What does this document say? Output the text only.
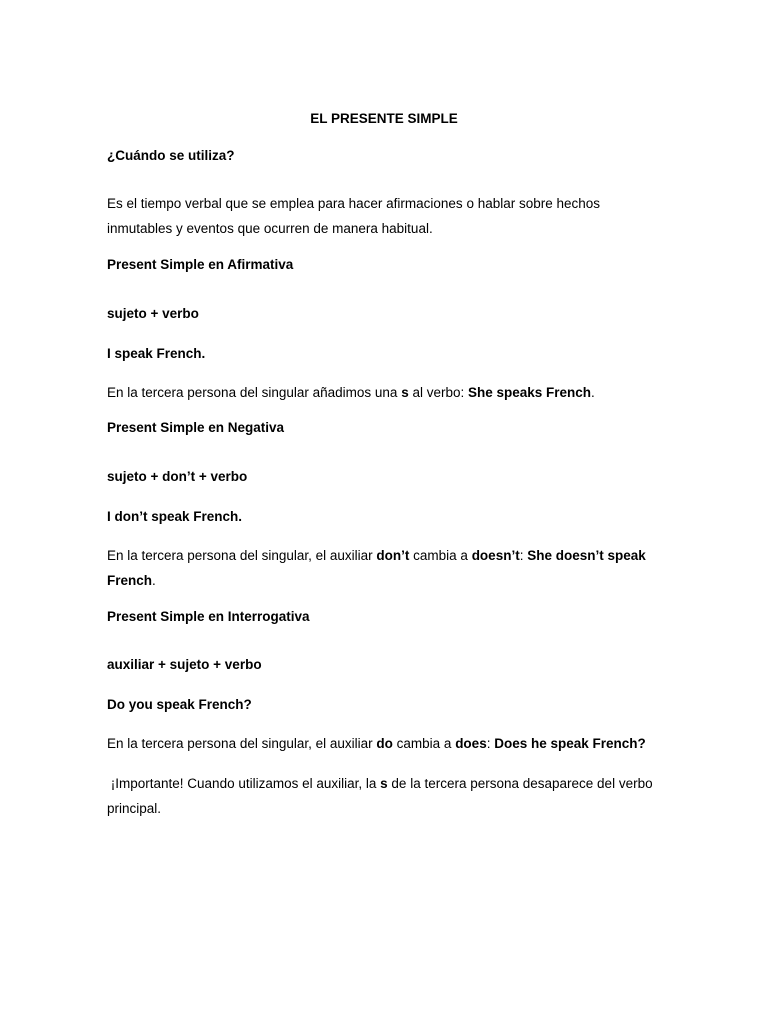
EL PRESENTE SIMPLE

¿Cuándo se utiliza?

Es el tiempo verbal que se emplea para hacer afirmaciones o hablar sobre hechos inmutables y eventos que ocurren de manera habitual.

Present Simple en Afirmativa

sujeto + verbo

I speak French.

En la tercera persona del singular añadimos una s al verbo: She speaks French.

Present Simple en Negativa

sujeto + don’t + verbo

I don’t speak French.

En la tercera persona del singular, el auxiliar don’t cambia a doesn’t: She doesn’t speak French.

Present Simple en Interrogativa

auxiliar + sujeto + verbo

Do you speak French?

En la tercera persona del singular, el auxiliar do cambia a does: Does he speak French?

¡Importante! Cuando utilizamos el auxiliar, la s de la tercera persona desaparece del verbo principal.
